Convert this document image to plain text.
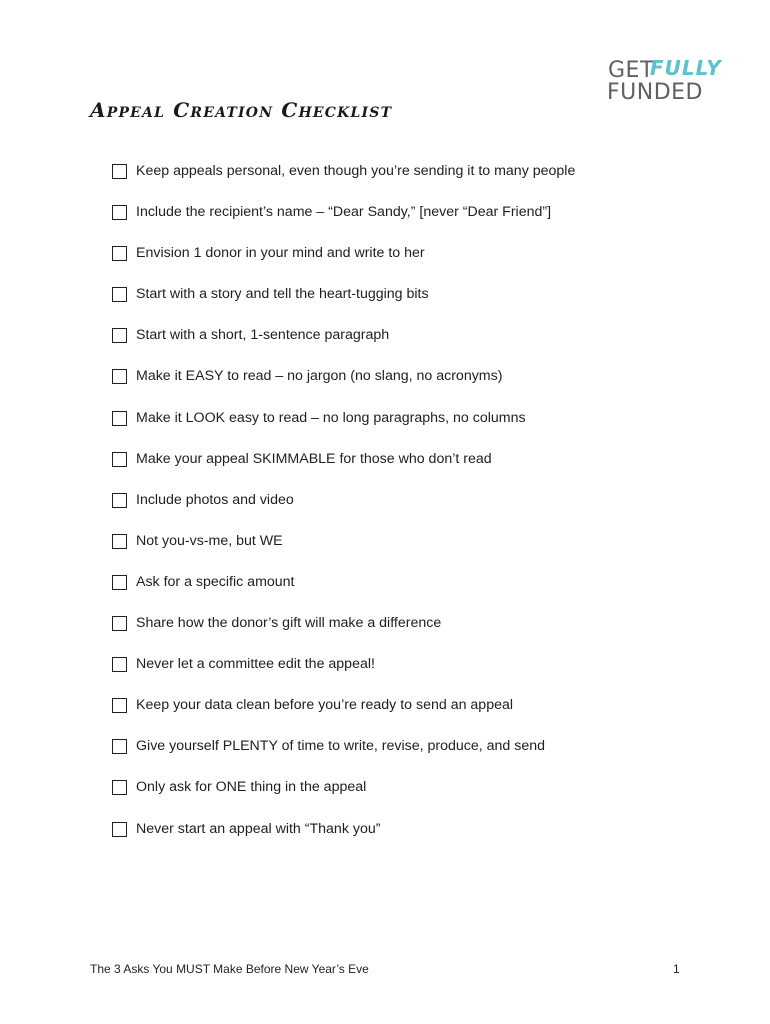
GET
FULLY
FUNDED
Appeal Creation Checklist
Keep appeals personal, even though you’re sending it to many people
Include the recipient’s name – “Dear Sandy,” [never “Dear Friend”]
Envision 1 donor in your mind and write to her
Start with a story and tell the heart-tugging bits
Start with a short, 1-sentence paragraph
Make it EASY to read – no jargon (no slang, no acronyms)
Make it LOOK easy to read – no long paragraphs, no columns
Make your appeal SKIMMABLE for those who don’t read
Include photos and video
Not you-vs-me, but WE
Ask for a specific amount
Share how the donor’s gift will make a difference
Never let a committee edit the appeal!
Keep your data clean before you’re ready to send an appeal
Give yourself PLENTY of time to write, revise, produce, and send
Only ask for ONE thing in the appeal
Never start an appeal with “Thank you”
The 3 Asks You MUST Make Before New Year’s Eve	1
